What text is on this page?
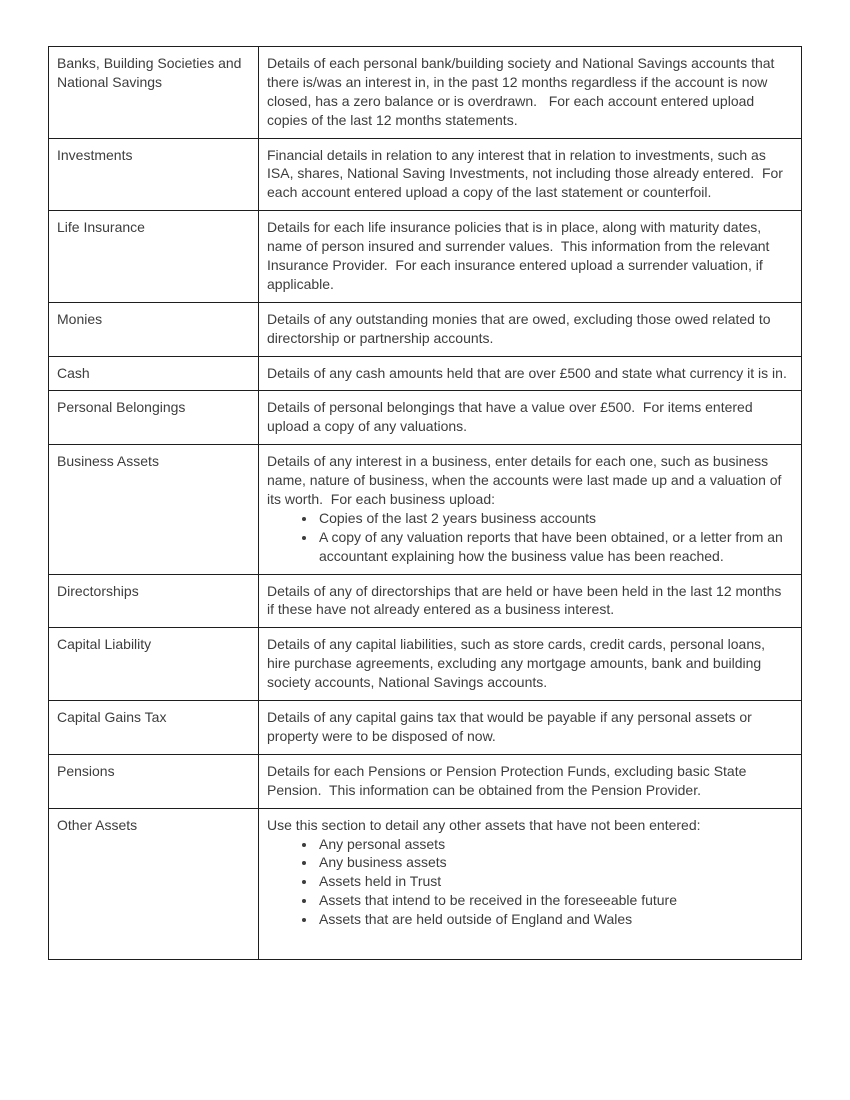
Banks, Building Societies and National Savings	Details of each personal bank/building society and National Savings accounts that there is/was an interest in, in the past 12 months regardless if the account is now closed, has a zero balance or is overdrawn.   For each account entered upload copies of the last 12 months statements.

Investments	Financial details in relation to any interest that in relation to investments, such as ISA, shares, National Saving Investments, not including those already entered.  For each account entered upload a copy of the last statement or counterfoil.

Life Insurance	Details for each life insurance policies that is in place, along with maturity dates, name of person insured and surrender values.  This information from the relevant Insurance Provider.  For each insurance entered upload a surrender valuation, if applicable.

Monies	Details of any outstanding monies that are owed, excluding those owed related to directorship or partnership accounts.

Cash	Details of any cash amounts held that are over £500 and state what currency it is in.

Personal Belongings	Details of personal belongings that have a value over £500.  For items entered upload a copy of any valuations.

Business Assets	Details of any interest in a business, enter details for each one, such as business name, nature of business, when the accounts were last made up and a valuation of its worth.  For each business upload:

• Copies of the last 2 years business accounts
• A copy of any valuation reports that have been obtained, or a letter from an accountant explaining how the business value has been reached.

Directorships	Details of any of directorships that are held or have been held in the last 12 months if these have not already entered as a business interest.

Capital Liability	Details of any capital liabilities, such as store cards, credit cards, personal loans, hire purchase agreements, excluding any mortgage amounts, bank and building society accounts, National Savings accounts.

Capital Gains Tax	Details of any capital gains tax that would be payable if any personal assets or property were to be disposed of now.

Pensions	Details for each Pensions or Pension Protection Funds, excluding basic State Pension.  This information can be obtained from the Pension Provider.

Other Assets	Use this section to detail any other assets that have not been entered:

• Any personal assets
• Any business assets
• Assets held in Trust
• Assets that intend to be received in the foreseeable future
• Assets that are held outside of England and Wales
